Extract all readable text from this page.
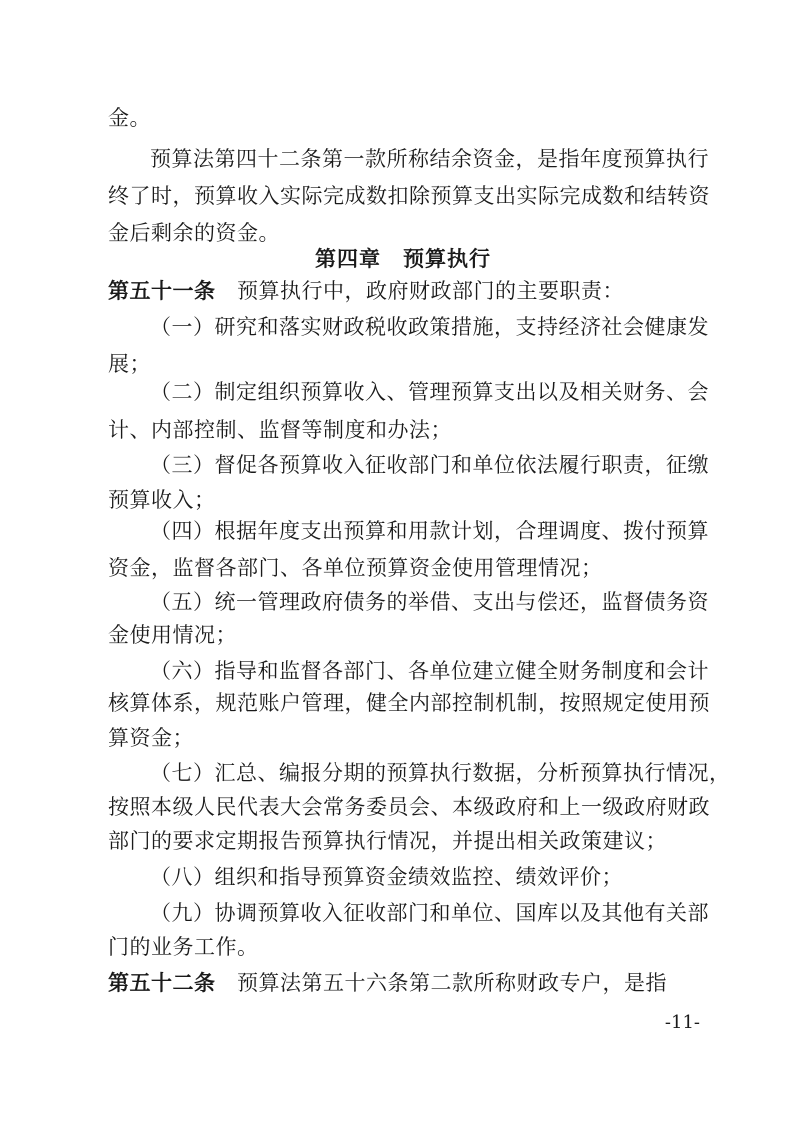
金。
预算法第四十二条第一款所称结余资金，是指年度预算执行
终了时，预算收入实际完成数扣除预算支出实际完成数和结转资
金后剩余的资金。
第四章　预算执行
第五十一条　预算执行中，政府财政部门的主要职责：
（一）研究和落实财政税收政策措施，支持经济社会健康发
展；
（二）制定组织预算收入、管理预算支出以及相关财务、会
计、内部控制、监督等制度和办法；
（三）督促各预算收入征收部门和单位依法履行职责，征缴
预算收入；
（四）根据年度支出预算和用款计划，合理调度、拨付预算
资金，监督各部门、各单位预算资金使用管理情况；
（五）统一管理政府债务的举借、支出与偿还，监督债务资
金使用情况；
（六）指导和监督各部门、各单位建立健全财务制度和会计
核算体系，规范账户管理，健全内部控制机制，按照规定使用预
算资金；
（七）汇总、编报分期的预算执行数据，分析预算执行情况，
按照本级人民代表大会常务委员会、本级政府和上一级政府财政
部门的要求定期报告预算执行情况，并提出相关政策建议；
（八）组织和指导预算资金绩效监控、绩效评价；
（九）协调预算收入征收部门和单位、国库以及其他有关部
门的业务工作。
第五十二条　预算法第五十六条第二款所称财政专户，是指
-11-
